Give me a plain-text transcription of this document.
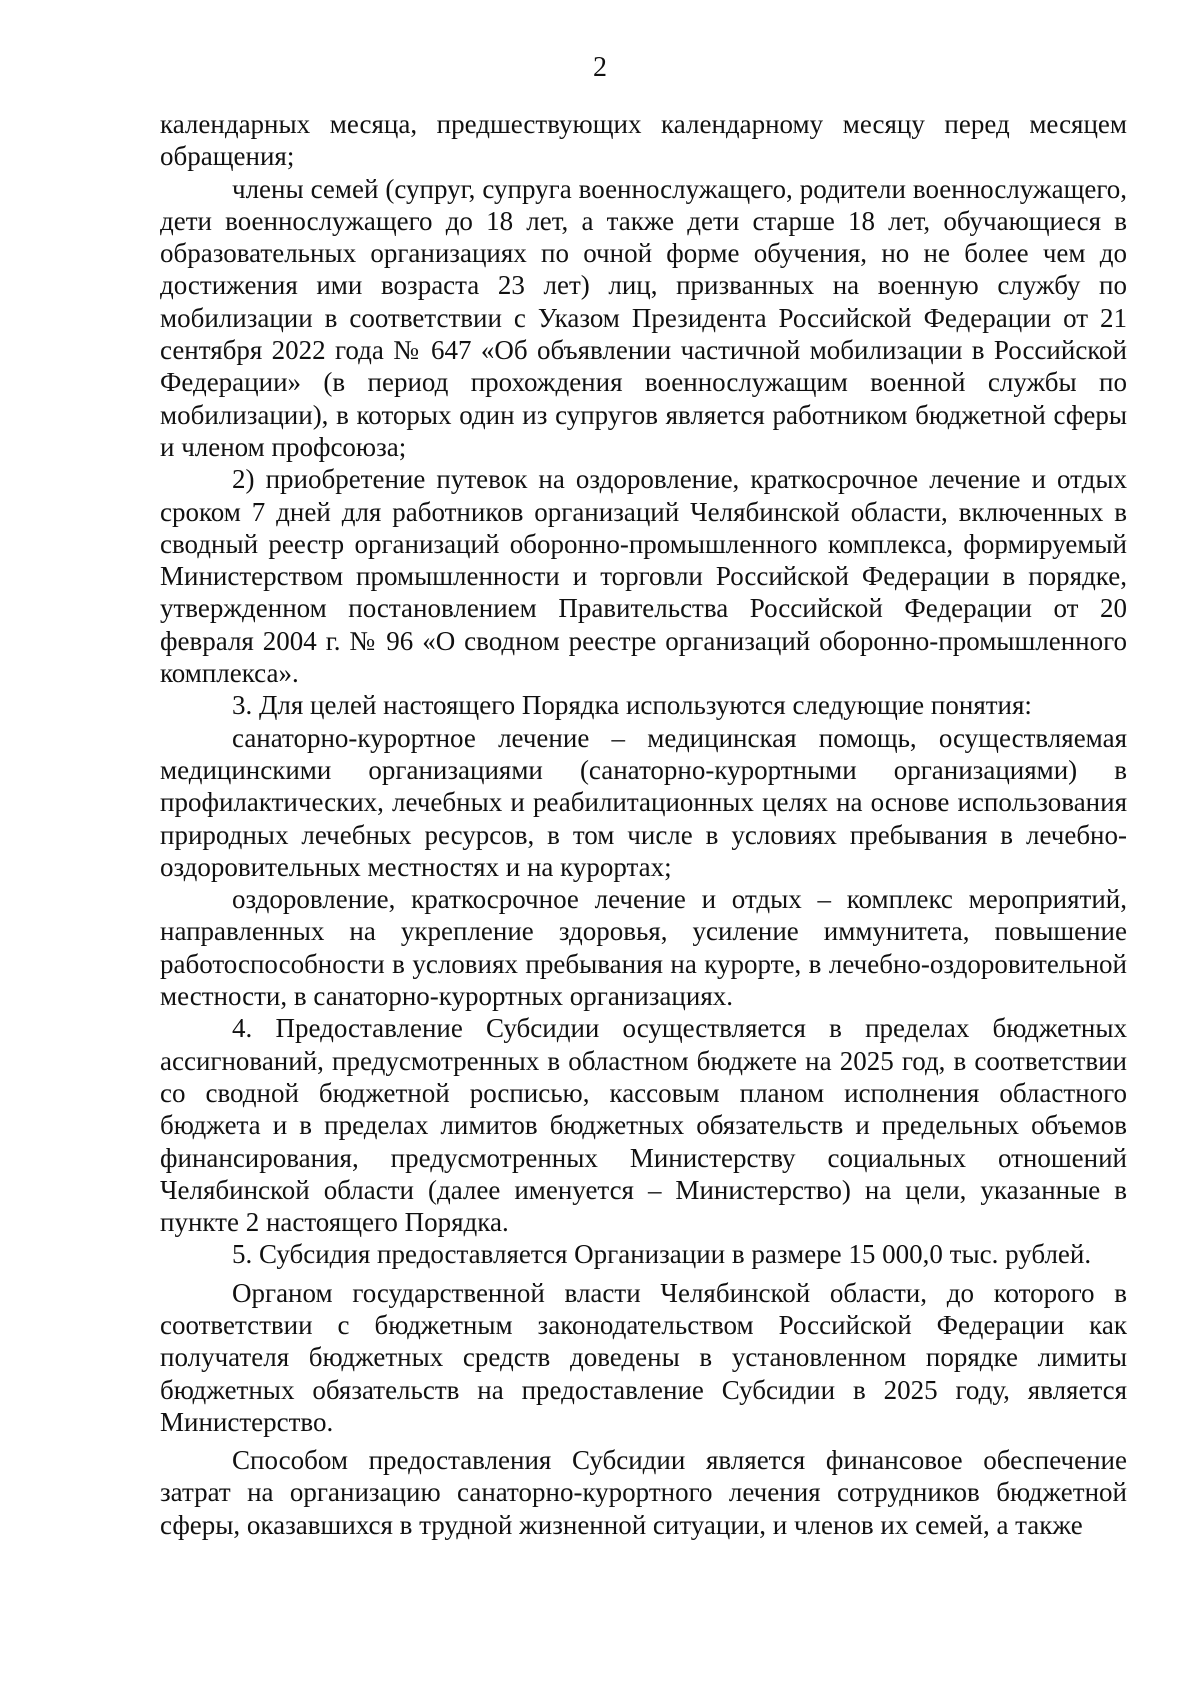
2

календарных месяца, предшествующих календарному месяцу перед месяцем обращения;

члены семей (супруг, супруга военнослужащего, родители военнослужащего, дети военнослужащего до 18 лет, а также дети старше 18 лет, обучающиеся в образовательных организациях по очной форме обучения, но не более чем до достижения ими возраста 23 лет) лиц, призванных на военную службу по мобилизации в соответствии с Указом Президента Российской Федерации от 21 сентября 2022 года № 647 «Об объявлении частичной мобилизации в Российской Федерации» (в период прохождения военнослужащим военной службы по мобилизации), в которых один из супругов является работником бюджетной сферы и членом профсоюза;

2) приобретение путевок на оздоровление, краткосрочное лечение и отдых сроком 7 дней для работников организаций Челябинской области, включенных в сводный реестр организаций оборонно-промышленного комплекса, формируемый Министерством промышленности и торговли Российской Федерации в порядке, утвержденном постановлением Правительства Российской Федерации от 20 февраля 2004 г. № 96 «О сводном реестре организаций оборонно-промышленного комплекса».

3. Для целей настоящего Порядка используются следующие понятия:

санаторно-курортное лечение – медицинская помощь, осуществляемая медицинскими организациями (санаторно-курортными организациями) в профилактических, лечебных и реабилитационных целях на основе использования природных лечебных ресурсов, в том числе в условиях пребывания в лечебно-оздоровительных местностях и на курортах;

оздоровление, краткосрочное лечение и отдых – комплекс мероприятий, направленных на укрепление здоровья, усиление иммунитета, повышение работоспособности в условиях пребывания на курорте, в лечебно-оздоровительной местности, в санаторно-курортных организациях.

4. Предоставление Субсидии осуществляется в пределах бюджетных ассигнований, предусмотренных в областном бюджете на 2025 год, в соответствии со сводной бюджетной росписью, кассовым планом исполнения областного бюджета и в пределах лимитов бюджетных обязательств и предельных объемов финансирования, предусмотренных Министерству социальных отношений Челябинской области (далее именуется – Министерство) на цели, указанные в пункте 2 настоящего Порядка.

5. Субсидия предоставляется Организации в размере 15 000,0 тыс. рублей.

Органом государственной власти Челябинской области, до которого в соответствии с бюджетным законодательством Российской Федерации как получателя бюджетных средств доведены в установленном порядке лимиты бюджетных обязательств на предоставление Субсидии в 2025 году, является Министерство.

Способом предоставления Субсидии является финансовое обеспечение затрат на организацию санаторно-курортного лечения сотрудников бюджетной сферы, оказавшихся в трудной жизненной ситуации, и членов их семей, а также
